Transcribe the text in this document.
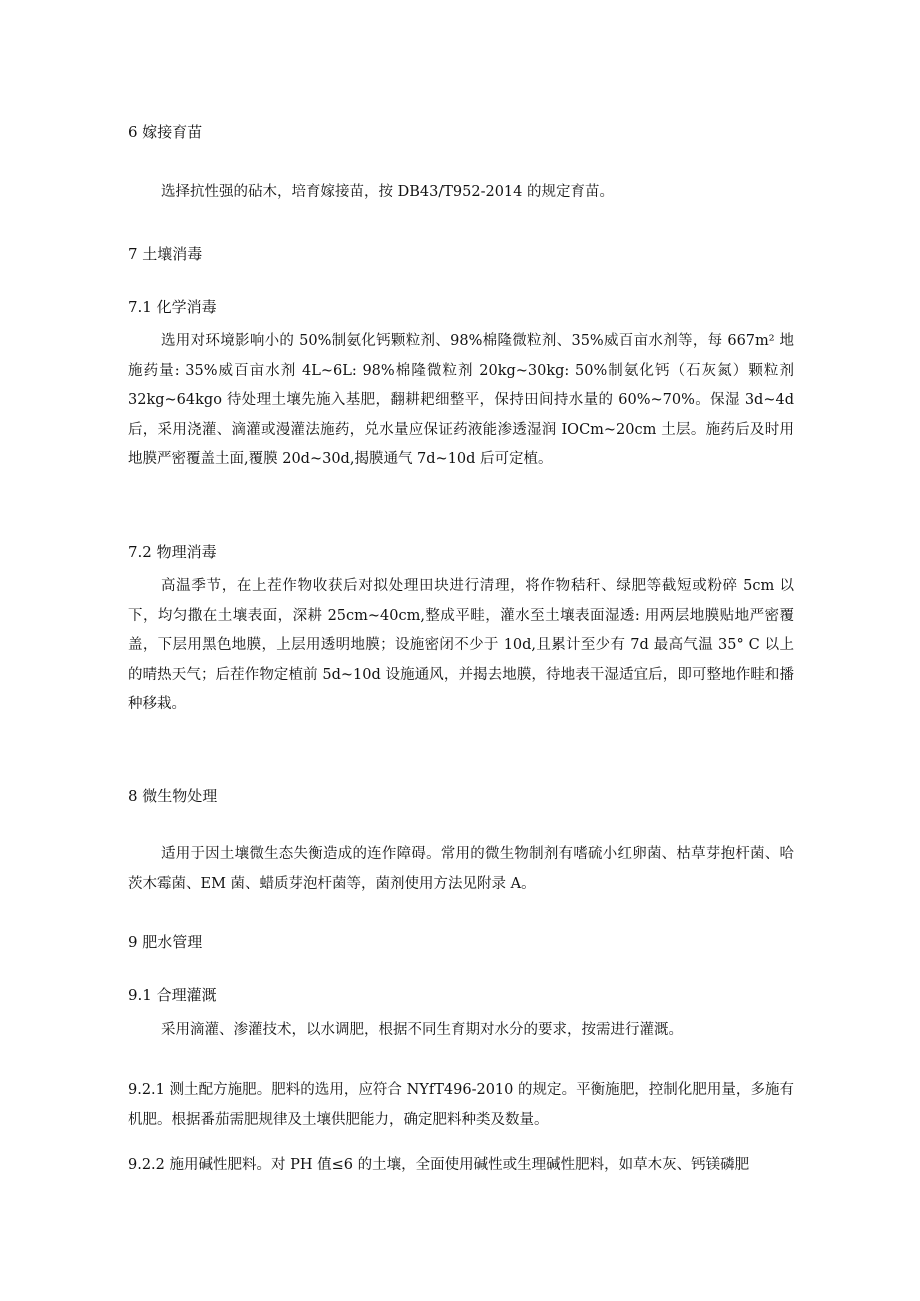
6 嫁接育苗

选择抗性强的砧木，培育嫁接苗，按 DB43/T952-2014 的规定育苗。

7 土壤消毒
7.1 化学消毒

选用对环境影响小的 50%制氨化钙颗粒剂、98%棉隆微粒剂、35%威百亩水剂等，每 667m² 地施药量: 35%威百亩水剂 4L~6L: 98%棉隆微粒剂 20kg~30kg: 50%制氨化钙（石灰氮）颗粒剂 32kg~64kgo 待处理土壤先施入基肥，翻耕耙细整平，保持田间持水量的 60%~70%。保湿 3d~4d 后，采用浇灌、滴灌或漫灌法施药，兑水量应保证药液能渗透湿润 IOCm~20cm 土层。施药后及时用地膜严密覆盖土面,覆膜 20d~30d,揭膜通气 7d~10d 后可定植。

7.2 物理消毒

高温季节，在上茬作物收获后对拟处理田块进行清理，将作物秸秆、绿肥等截短或粉碎 5cm 以下，均匀撒在土壤表面，深耕 25cm~40cm,整成平畦，灌水至土壤表面湿透: 用两层地膜贴地严密覆盖，下层用黑色地膜，上层用透明地膜；设施密闭不少于 10d,且累计至少有 7d 最高气温 35° C 以上的晴热天气；后茬作物定植前 5d~10d 设施通风，并揭去地膜，待地表干湿适宜后，即可整地作畦和播种移栽。

8 微生物处理

适用于因土壤微生态失衡造成的连作障碍。常用的微生物制剂有嗜硫小红卵菌、枯草芽抱杆菌、哈茨木霉菌、EM 菌、蜡质芽泡杆菌等，菌剂使用方法见附录 A。

9 肥水管理
9.1 合理灌溉

采用滴灌、渗灌技术，以水调肥，根据不同生育期对水分的要求，按需进行灌溉。

9.2.1 测土配方施肥。肥料的选用，应符合 NYfT496-2010 的规定。平衡施肥，控制化肥用量，多施有机肥。根据番茄需肥规律及土壤供肥能力，确定肥料种类及数量。

9.2.2 施用碱性肥料。对 PH 值≤6 的土壤，全面使用碱性或生理碱性肥料，如草木灰、钙镁磷肥
